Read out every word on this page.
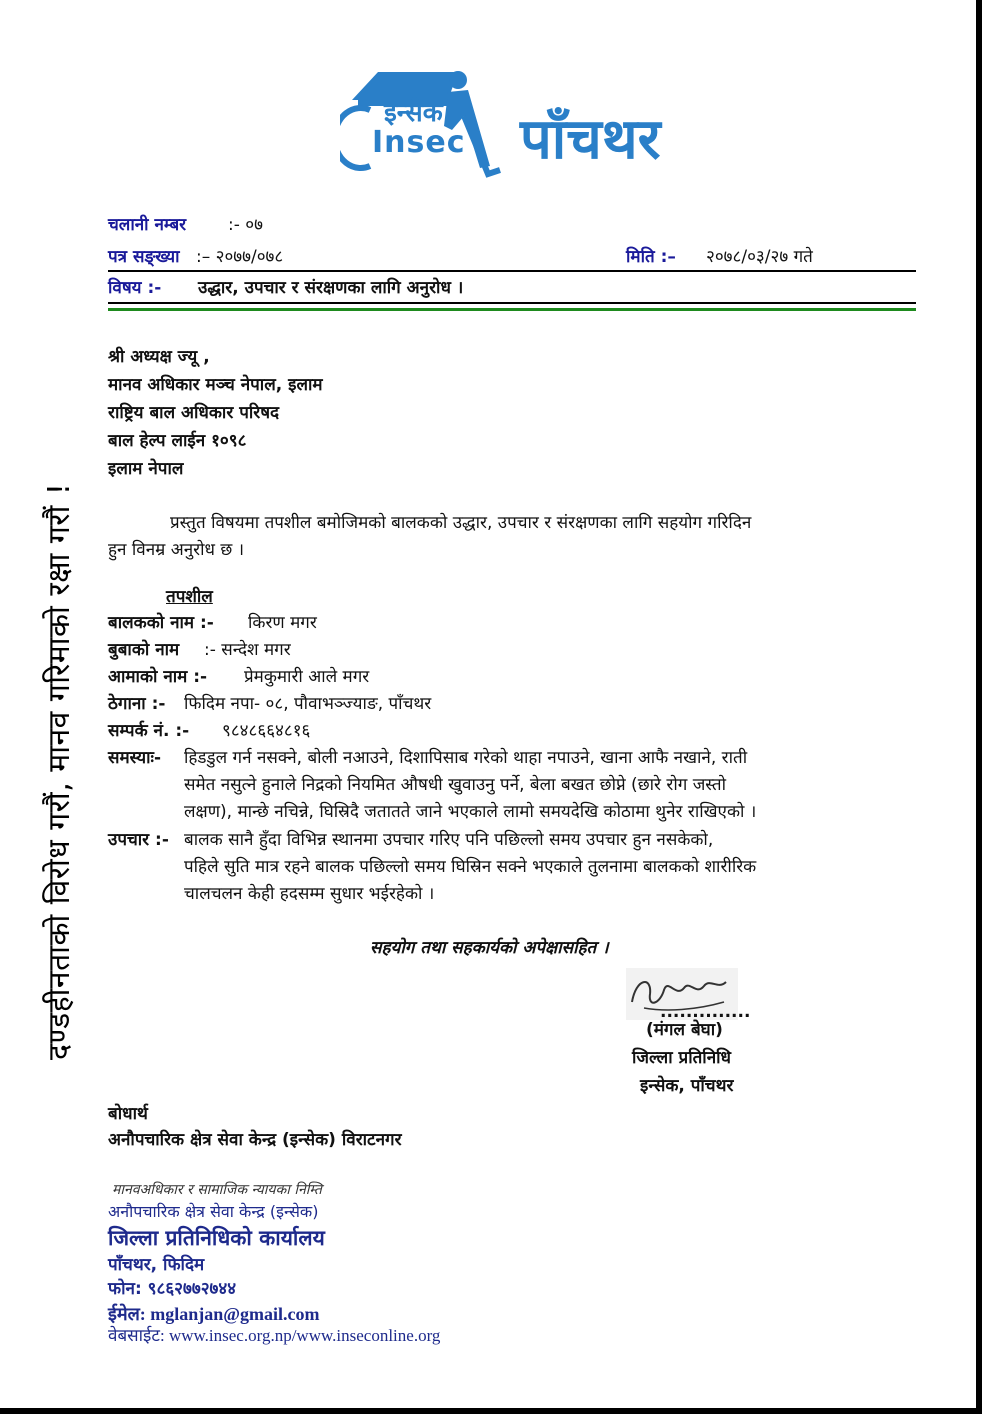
इन्सेक
Insec पाँचथर
चलानी नम्बर :- ०७
पत्र सङ्ख्या :– २०७७/०७८	मिति :– २०७८/०३/२७ गते
विषय :- उद्धार, उपचार र संरक्षणका लागि अनुरोध ।
श्री अध्यक्ष ज्यू ,
मानव अधिकार मञ्च नेपाल, इलाम
राष्ट्रिय बाल अधिकार परिषद
बाल हेल्प लाईन १०९८
इलाम नेपाल
प्रस्तुत विषयमा तपशील बमोजिमको बालकको उद्धार, उपचार र संरक्षणका लागि सहयोग गरिदिन
हुन विनम्र अनुरोध छ ।
तपशील
बालकको नाम :- किरण मगर
बुबाको नाम :- सन्देश मगर
आमाको नाम :- प्रेमकुमारी आले मगर
ठेगाना :- फिदिम नपा- ०८, पौवाभञ्ज्याङ, पाँचथर
सम्पर्क नं. :- ९८४८६६४८१६
समस्याः- हिडडुल गर्न नसक्ने, बोली नआउने, दिशापिसाब गरेको थाहा नपाउने, खाना आफै नखाने, राती
समेत नसुत्ने हुनाले निद्रको नियमित औषधी खुवाउनु पर्ने, बेला बखत छोप्ने (छारे रोग जस्तो
लक्षण), मान्छे नचिन्ने, घिस्रिदै जतातते जाने भएकाले लामो समयदेखि कोठामा थुनेर राखिएको ।
उपचार :- बालक सानै हुँदा विभिन्न स्थानमा उपचार गरिए पनि पछिल्लो समय उपचार हुन नसकेको,
पहिले सुति मात्र रहने बालक पछिल्लो समय घिस्रिन सक्ने भएकाले तुलनामा बालकको शारीरिक
चालचलन केही हदसम्म सुधार भईरहेको ।
सहयोग तथा सहकार्यको अपेक्षासहित ।
..............
(मंगल बेघा)
जिल्ला प्रतिनिधि
इन्सेक, पाँचथर
बोधार्थ
अनौपचारिक क्षेत्र सेवा केन्द्र (इन्सेक) विराटनगर
मानवअधिकार र सामाजिक न्यायका निम्ति
अनौपचारिक क्षेत्र सेवा केन्द्र (इन्सेक)
जिल्ला प्रतिनिधिको कार्यालय
पाँचथर, फिदिम
फोन: ९८६२७७२७४४
ईमेल: mglanjan@gmail.com
वेबसाईट: www.insec.org.np/www.inseconline.org
दण्डहीनताको विरोध गरौं, मानव गरिमाको रक्षा गरौं !
